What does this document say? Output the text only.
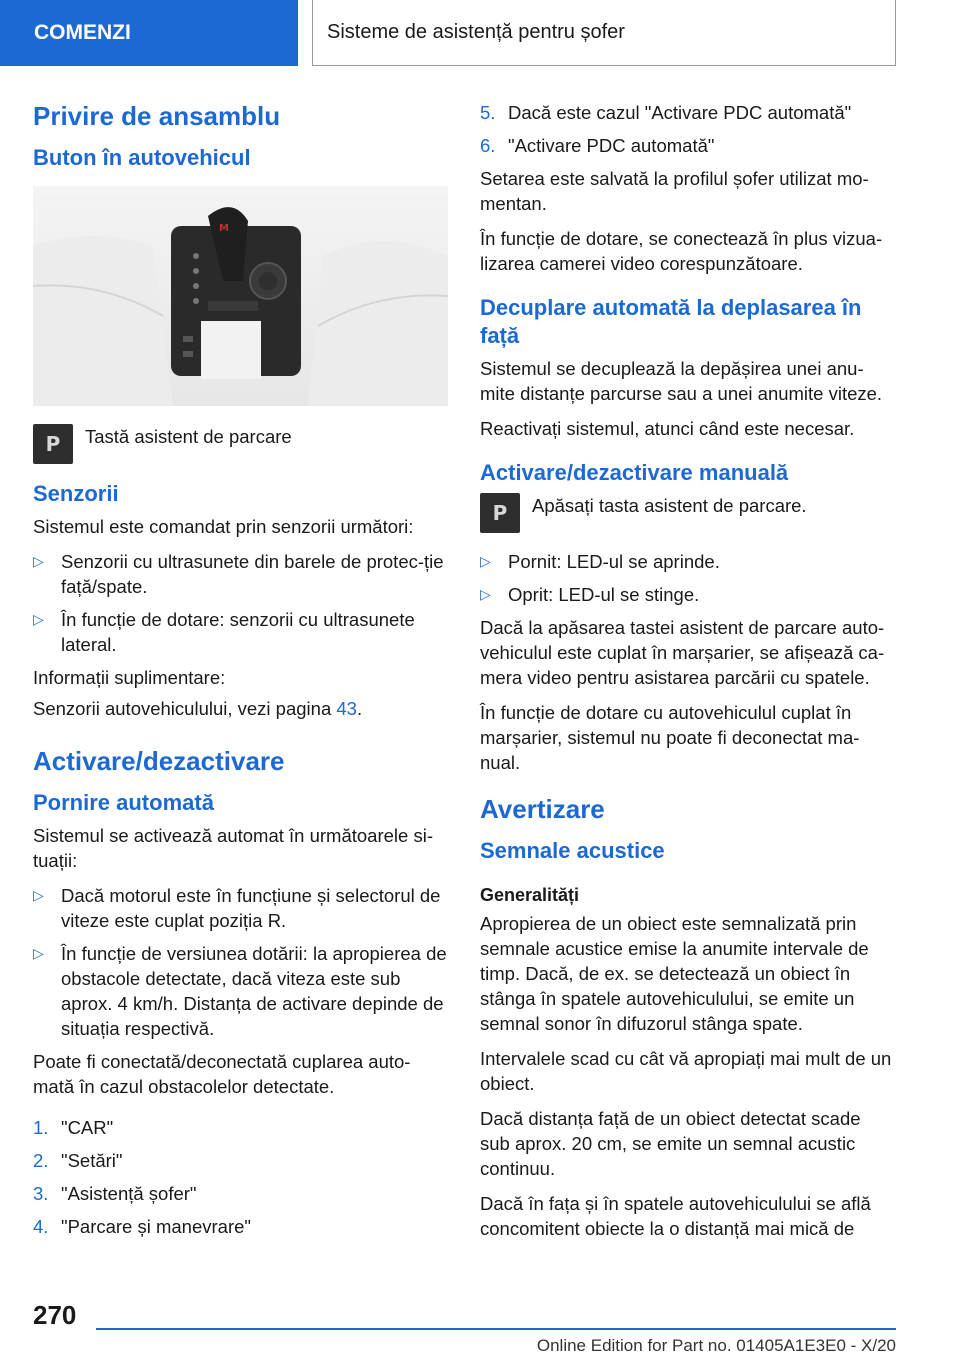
COMENZI	Sisteme de asistență pentru șofer
Privire de ansamblu
Buton în autovehicul
M
P	Tastă asistent de parcare
Senzorii

Sistemul este comandat prin senzorii următori:

▷ Senzorii cu ultrasunete din barele de protec‐ție față/spate.
▷ În funcție de dotare: senzorii cu ultrasunete lateral.

Informații suplimentare:

Senzorii autovehiculului, vezi pagina 43.

Activare/dezactivare
Pornire automată

Sistemul se activează automat în următoarele si‐tuații:

▷ Dacă motorul este în funcțiune și selectorul de viteze este cuplat poziția R.
▷ În funcție de versiunea dotării: la apropierea de obstacole detectate, dacă viteza este sub aprox. 4 km/h. Distanța de activare depinde de situația respectivă.

Poate fi conectată/deconectată cuplarea auto‐mată în cazul obstacolelor detectate.

1. "CAR"
2. "Setări"
3. "Asistență șofer"
4. "Parcare și manevrare"
5. Dacă este cazul "Activare PDC automată"
6. "Activare PDC automată"

Setarea este salvată la profilul șofer utilizat mo‐mentan.

În funcție de dotare, se conectează în plus vizua‐lizarea camerei video corespunzătoare.

Decuplare automată la deplasarea în față

Sistemul se decuplează la depășirea unei anu‐mite distanțe parcurse sau a unei anumite viteze.

Reactivați sistemul, atunci când este necesar.

Activare/dezactivare manuală
P	Apăsați tasta asistent de parcare.
▷ Pornit: LED-ul se aprinde.
▷ Oprit: LED-ul se stinge.

Dacă la apăsarea tastei asistent de parcare auto‐vehiculul este cuplat în marșarier, se afișează ca‐mera video pentru asistarea parcării cu spatele.

În funcție de dotare cu autovehiculul cuplat în marșarier, sistemul nu poate fi deconectat ma‐nual.

Avertizare
Semnale acustice
Generalități

Apropierea de un obiect este semnalizată prin semnale acustice emise la anumite intervale de timp. Dacă, de ex. se detectează un obiect în stânga în spatele autovehiculului, se emite un semnal sonor în difuzorul stânga spate.

Intervalele scad cu cât vă apropiați mai mult de un obiect.

Dacă distanța față de un obiect detectat scade sub aprox. 20 cm, se emite un semnal acustic continuu.

Dacă în fața și în spatele autovehiculului se află concomitent obiecte la o distanță mai mică de

270
Online Edition for Part no. 01405A1E3E0 - X/20
